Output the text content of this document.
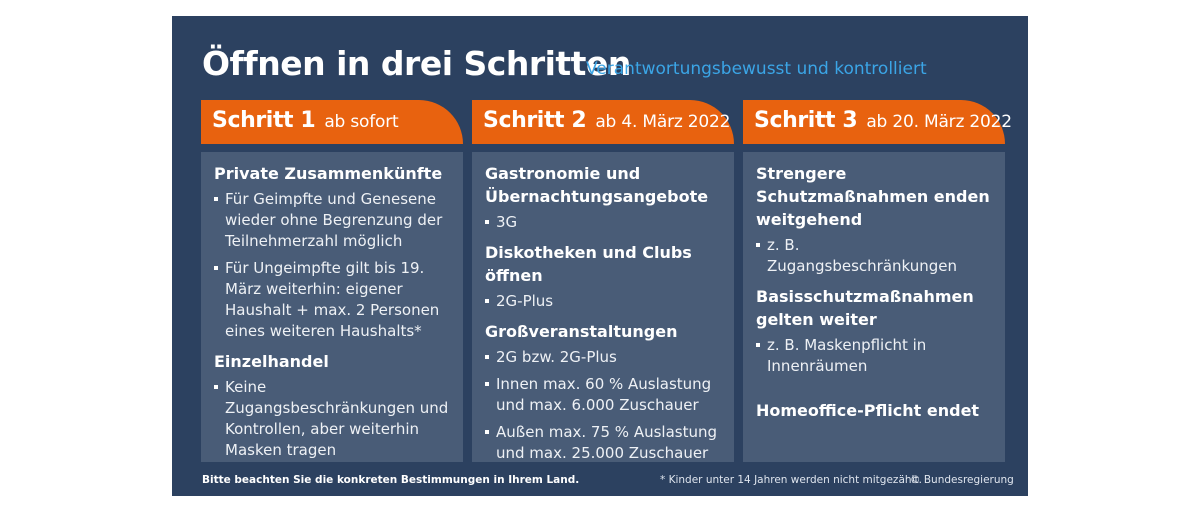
Öffnen in drei Schritten
Verantwortungsbewusst und kontrolliert
Schritt 1 ab sofort
Private Zusammenkünfte
Für Geimpfte und Genesene wieder ohne Begrenzung der Teilnehmerzahl möglich
Für Ungeimpfte gilt bis 19. März weiterhin: eigener Haushalt + max. 2 Personen eines weiteren Haushalts*
Einzelhandel
Keine Zugangsbeschränkungen und Kontrollen, aber weiterhin Masken tragen
Schritt 2 ab 4. März 2022
Gastronomie und Übernachtungsangebote
3G
Diskotheken und Clubs öffnen
2G-Plus
Großveranstaltungen
2G bzw. 2G-Plus
Innen max. 60 % Auslastung und max. 6.000 Zuschauer
Außen max. 75 % Auslastung und max. 25.000 Zuschauer
Schritt 3 ab 20. März 2022
Strengere Schutzmaßnahmen enden weitgehend
z. B. Zugangsbeschränkungen
Basisschutzmaßnahmen gelten weiter
z. B. Maskenpflicht in Innenräumen
Homeoffice-Pflicht endet
Bitte beachten Sie die konkreten Bestimmungen in Ihrem Land.	* Kinder unter 14 Jahren werden nicht mitgezählt.
© Bundesregierung
